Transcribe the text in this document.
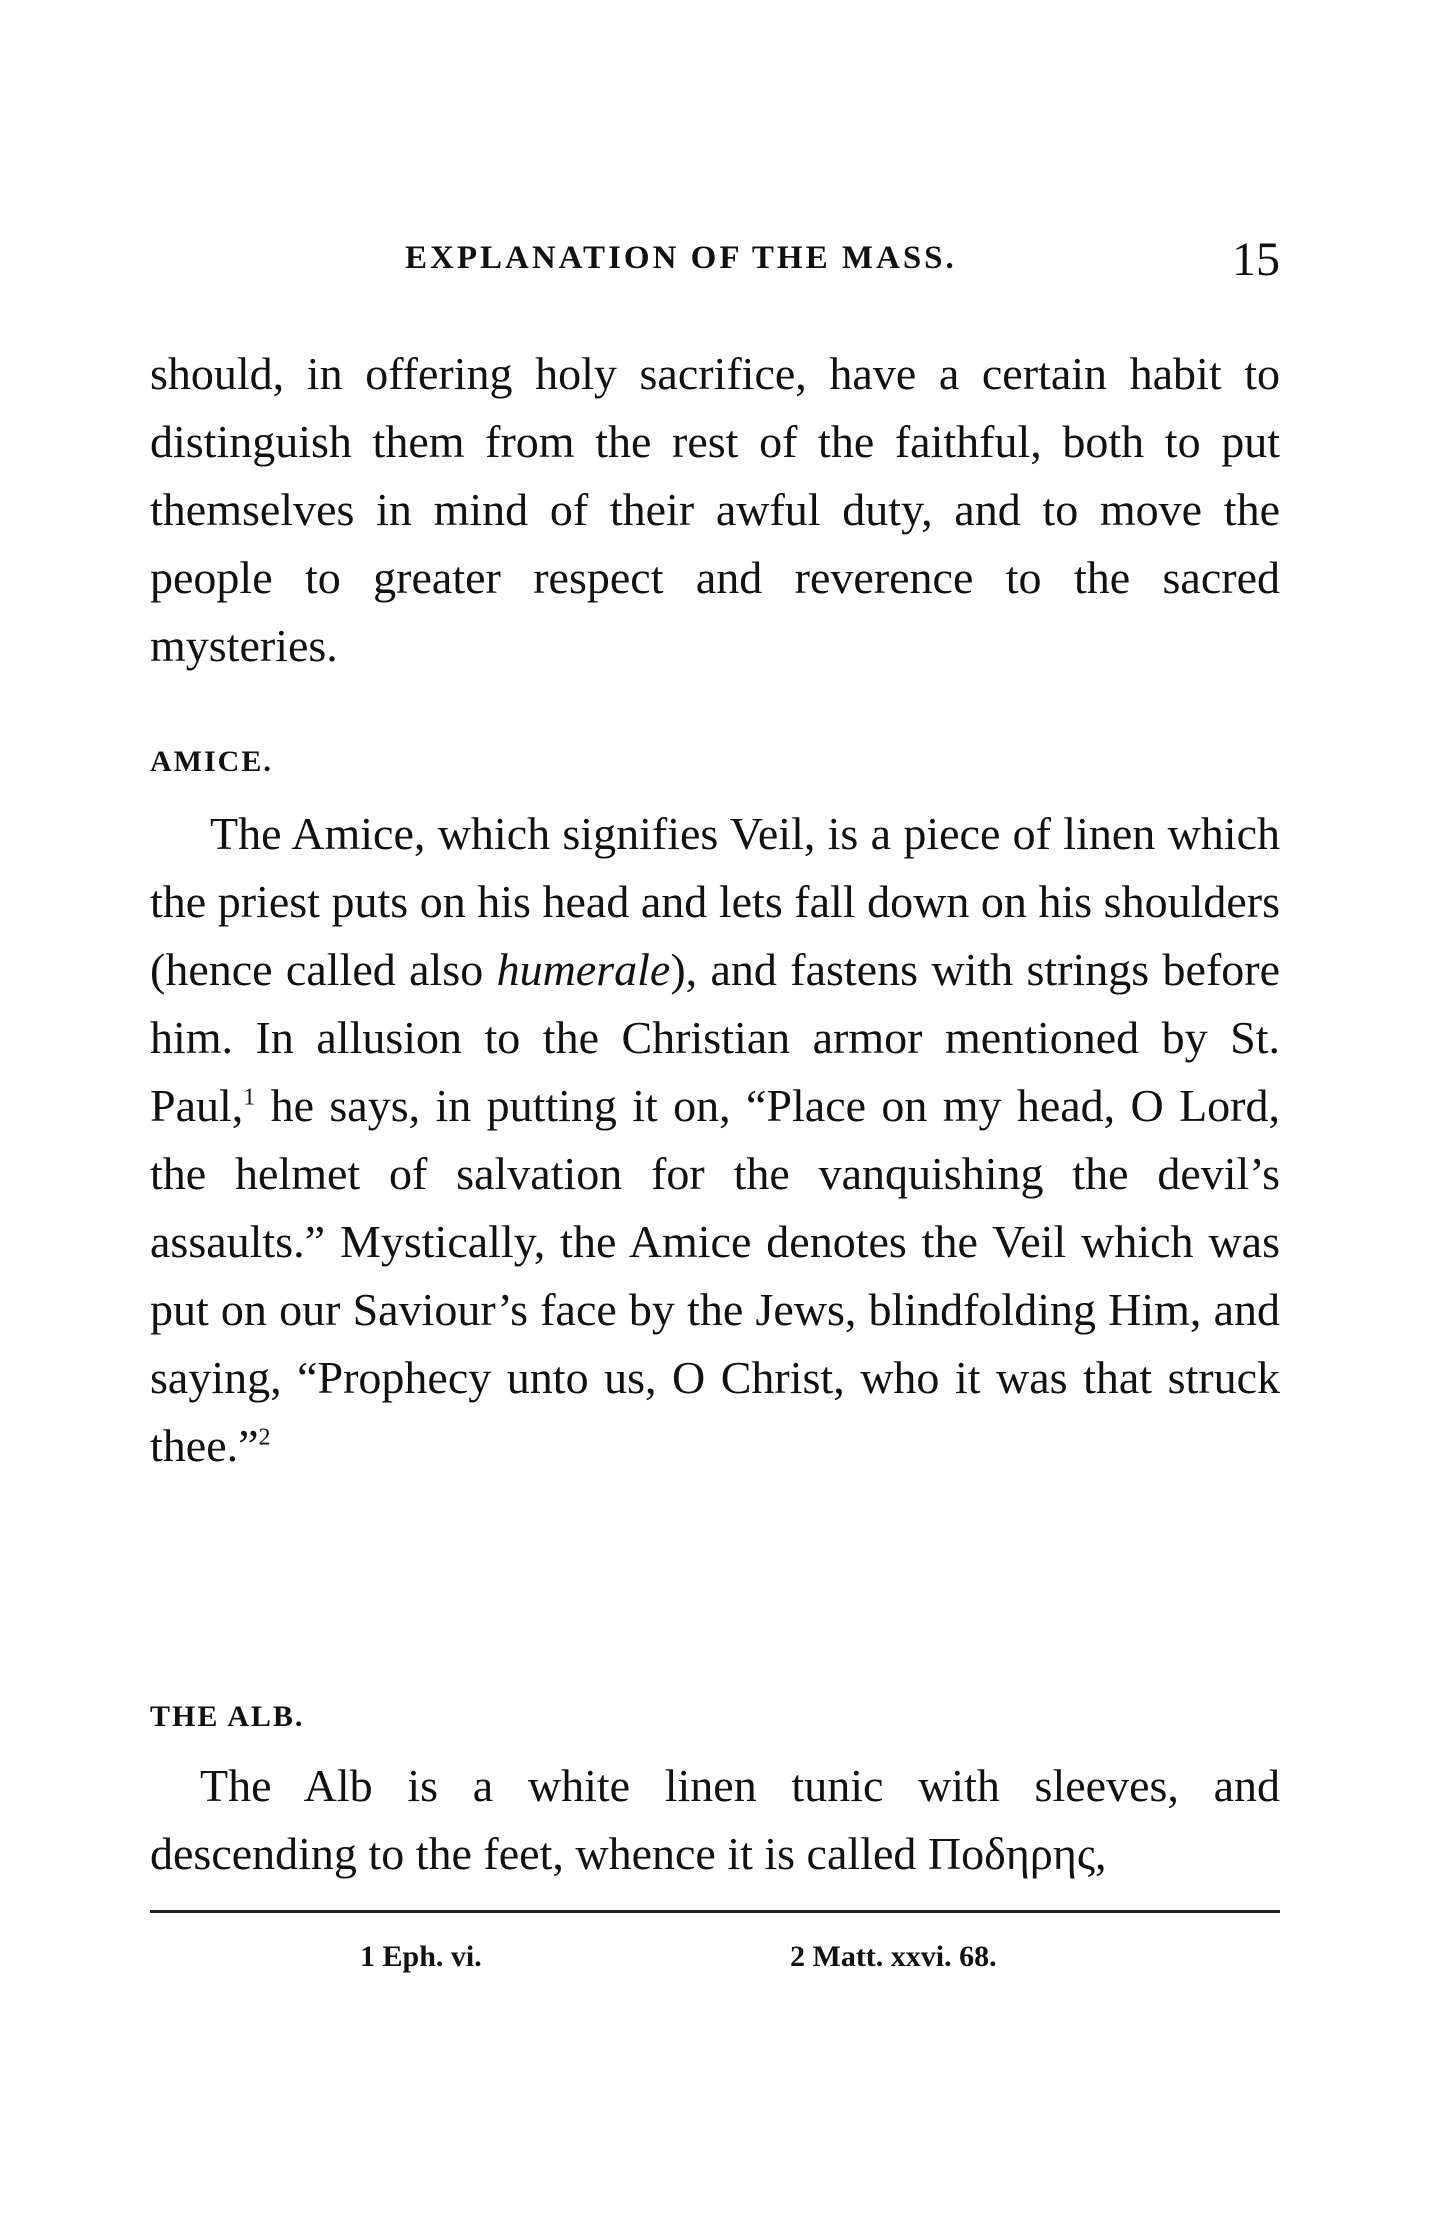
EXPLANATION OF THE MASS.	15

should, in offering holy sacrifice, have a certain habit to distinguish them from the rest of the faithful, both to put themselves in mind of their awful duty, and to move the people to greater respect and reverence to the sacred mysteries.

AMICE.

The Amice, which signifies Veil, is a piece of linen which the priest puts on his head and lets fall down on his shoulders (hence called also humerale), and fastens with strings before him. In allusion to the Christian armor mentioned by St. Paul,$^1$ he says, in putting it on, “Place on my head, O Lord, the helmet of salvation for the vanquishing the devil’s assaults.” Mystically, the Amice denotes the Veil which was put on our Saviour’s face by the Jews, blindfolding Him, and saying, “Prophecy unto us, O Christ, who it was that struck thee.”$^2$

THE ALB.

The Alb is a white linen tunic with sleeves, and descending to the feet, whence it is called Ποδηρης,

1 Eph. vi.	2 Matt. xxvi. 68.
